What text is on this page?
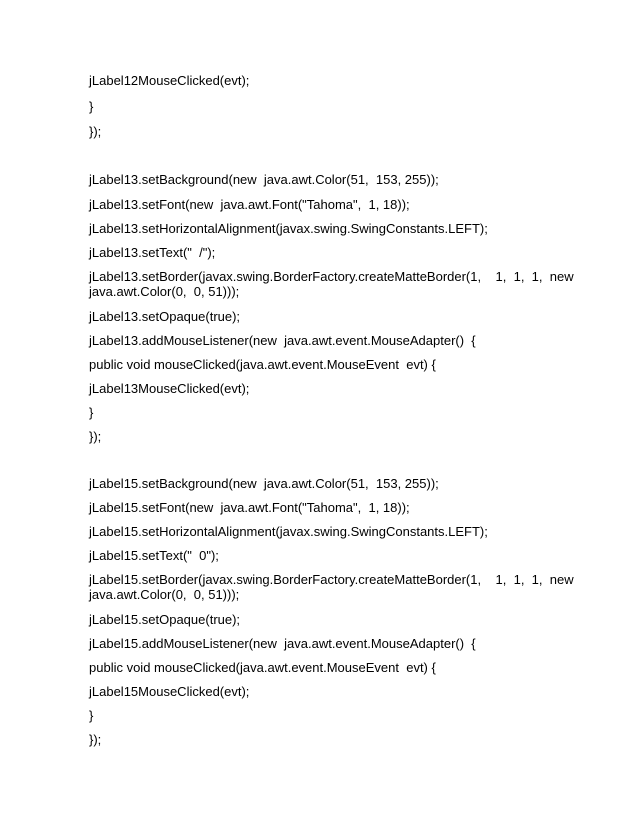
jLabel12MouseClicked(evt);

}

});

jLabel13.setBackground(new  java.awt.Color(51,  153, 255));

jLabel13.setFont(new  java.awt.Font("Tahoma",  1, 18));

jLabel13.setHorizontalAlignment(javax.swing.SwingConstants.LEFT);

jLabel13.setText("  /");

jLabel13.setBorder(javax.swing.BorderFactory.createMatteBorder(1,    1,  1,  1,  new

java.awt.Color(0,  0, 51)));

jLabel13.setOpaque(true);

jLabel13.addMouseListener(new  java.awt.event.MouseAdapter()  {

public void mouseClicked(java.awt.event.MouseEvent  evt) {

jLabel13MouseClicked(evt);

}

});

jLabel15.setBackground(new  java.awt.Color(51,  153, 255));

jLabel15.setFont(new  java.awt.Font("Tahoma",  1, 18));

jLabel15.setHorizontalAlignment(javax.swing.SwingConstants.LEFT);

jLabel15.setText("  0");

jLabel15.setBorder(javax.swing.BorderFactory.createMatteBorder(1,    1,  1,  1,  new

java.awt.Color(0,  0, 51)));

jLabel15.setOpaque(true);

jLabel15.addMouseListener(new  java.awt.event.MouseAdapter()  {

public void mouseClicked(java.awt.event.MouseEvent  evt) {

jLabel15MouseClicked(evt);

}

});
